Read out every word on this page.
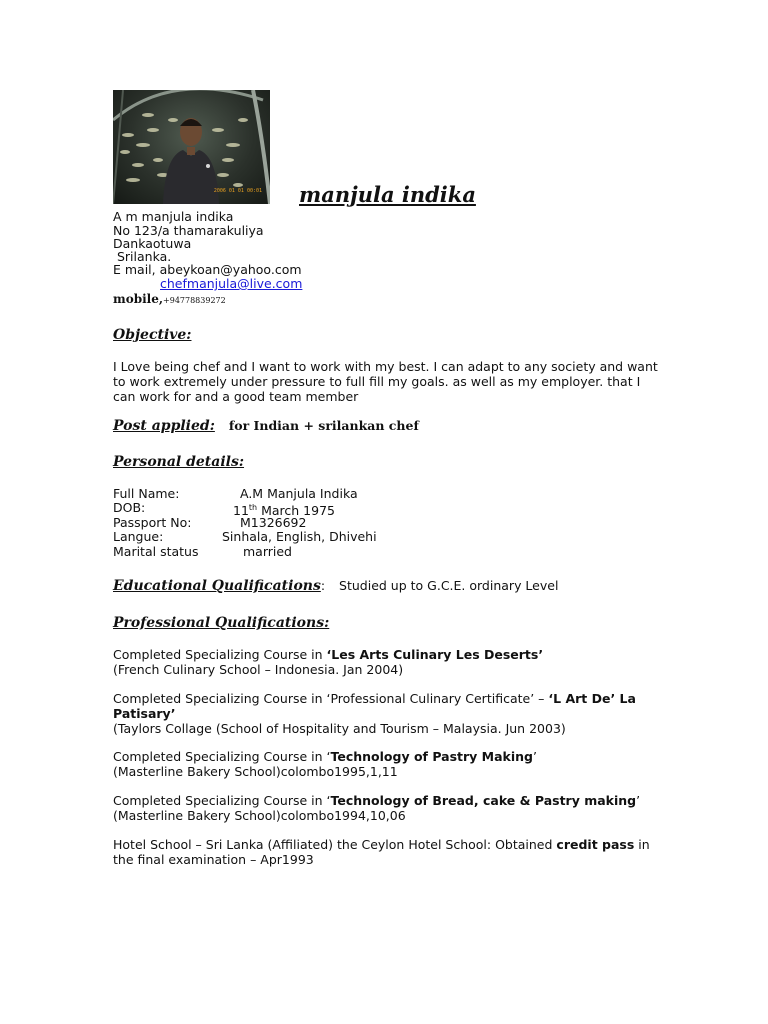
2006 01 01 00:01 manjula indika
A m manjula indika
No 123/a thamarakuliya
Dankaotuwa
Srilanka.
E mail, abeykoan@yahoo.com
chefmanjula@live.com
mobile,+94778839272
Objective:
I Love being chef and I want to work with my best. I can adapt to any society and want to work extremely under pressure to full fill my goals. as well as my employer. that I can work for and a good team member
Post applied: for Indian + srilankan chef
Personal details:
Full Name:	A.M Manjula Indika
DOB:	11th March 1975
Passport No:	M1326692
Langue:	Sinhala, English, Dhivehi
Marital status	married
Educational Qualifications: Studied up to G.C.E. ordinary Level
Professional Qualifications:
Completed Specializing Course in ‘Les Arts Culinary Les Deserts’
(French Culinary School – Indonesia. Jan 2004)
Completed Specializing Course in ‘Professional Culinary Certificate’ – ‘L Art De’ La Patisary’
(Taylors Collage (School of Hospitality and Tourism – Malaysia. Jun 2003)
Completed Specializing Course in ‘Technology of Pastry Making’
(Masterline Bakery School)colombo1995,1,11
Completed Specializing Course in ‘Technology of Bread, cake & Pastry making’
(Masterline Bakery School)colombo1994,10,06
Hotel School – Sri Lanka (Affiliated) the Ceylon Hotel School: Obtained credit pass in the final examination – Apr1993
